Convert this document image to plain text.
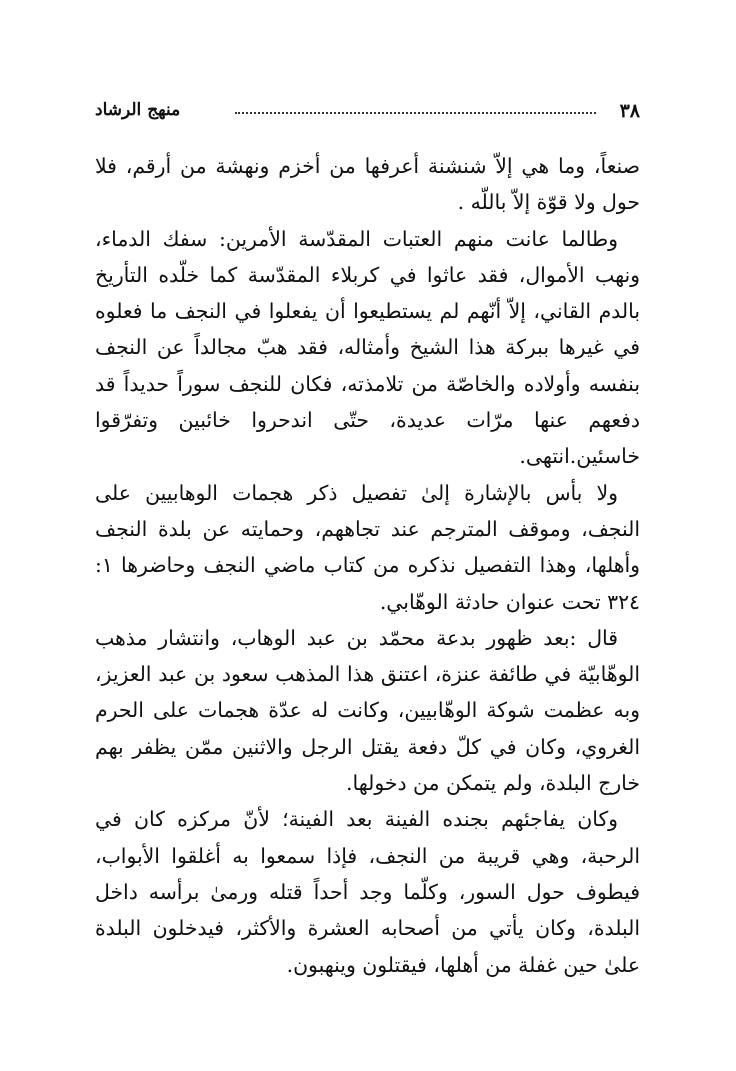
٣٨
منهج الرشاد

صنعاً، وما هي إلاّ شنشنة أعرفها من أخزم ونهشة من أرقم، فلا حول ولا قوّة إلاّ باللّه .

وطالما عانت منهم العتبات المقدّسة الأمرين: سفك الدماء، ونهب الأموال، فقد عاثوا في كربلاء المقدّسة كما خلّده التأريخ بالدم القاني، إلاّ أنّهم لم يستطيعوا أن يفعلوا في النجف ما فعلوه في غيرها ببركة هذا الشيخ وأمثاله، فقد هبّ مجالداً عن النجف بنفسه وأولاده والخاصّة من تلامذته، فكان للنجف سوراً حديداً قد دفعهم عنها مرّات عديدة، حتّى اندحروا خائبين وتفرّقوا خاسئين.انتهى.

ولا بأس بالإشارة إلىٰ تفصيل ذكر هجمات الوهابيين على النجف، وموقف المترجم عند تجاههم، وحمايته عن بلدة النجف وأهلها، وهذا التفصيل نذكره من كتاب ماضي النجف وحاضرها ١: ٣٢٤ تحت عنوان حادثة الوهّابي.

قال :بعد ظهور بدعة محمّد بن عبد الوهاب، وانتشار مذهب الوهّابيّة في طائفة عنزة، اعتنق هذا المذهب سعود بن عبد العزيز، وبه عظمت شوكة الوهّابيين، وكانت له عدّة هجمات على الحرم الغروي، وكان في كلّ دفعة يقتل الرجل والاثنين ممّن يظفر بهم خارج البلدة، ولم يتمكن من دخولها.

وكان يفاجئهم بجنده الفينة بعد الفينة؛ لأنّ مركزه كان في الرحبة، وهي قريبة من النجف، فإذا سمعوا به أغلقوا الأبواب، فيطوف حول السور، وكلّما وجد أحداً قتله ورمىٰ برأسه داخل البلدة، وكان يأتي من أصحابه العشرة والأكثر، فيدخلون البلدة علىٰ حين غفلة من أهلها، فيقتلون وينهبون.
